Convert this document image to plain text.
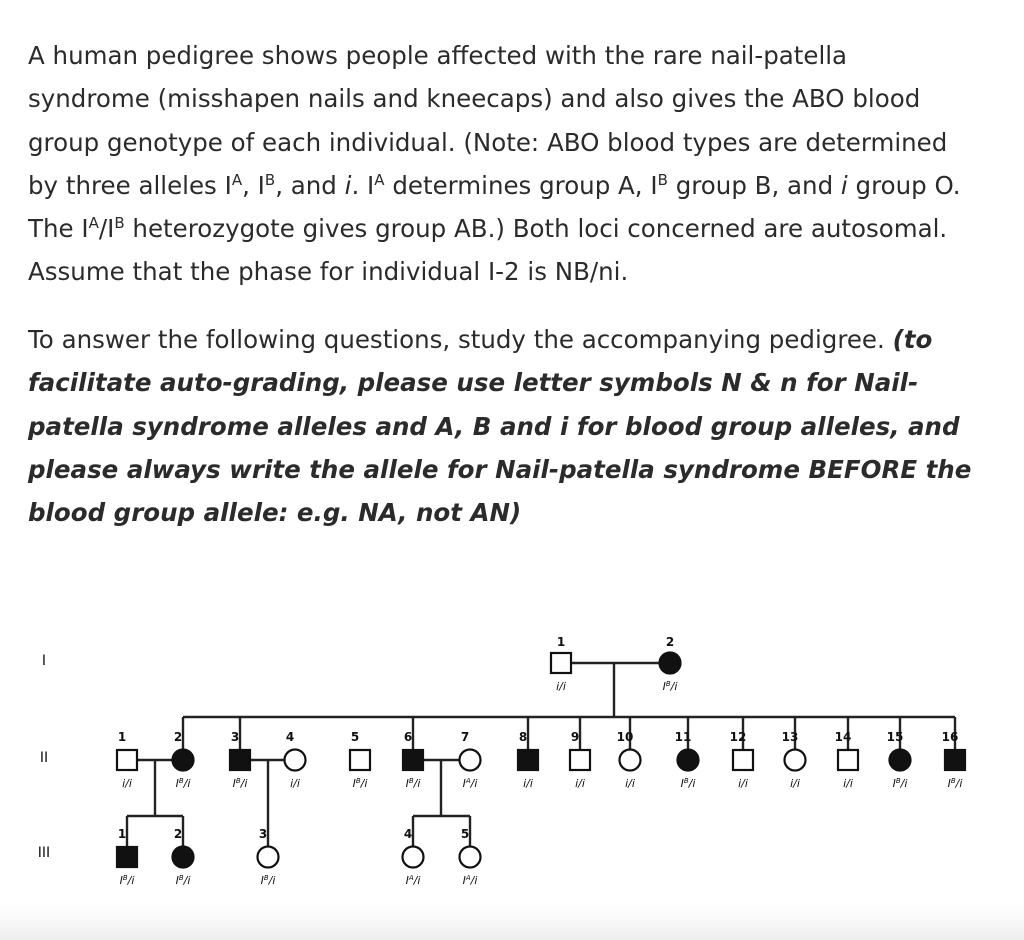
A human pedigree shows people affected with the rare nail-patella
syndrome (misshapen nails and kneecaps) and also gives the ABO blood
group genotype of each individual. (Note: ABO blood types are determined
by three alleles $I^A$, $I^B$, and i. $I^A$ determines group A, $I^B$ group B, and i group O.
The $I^A/I^B$ heterozygote gives group AB.) Both loci concerned are autosomal.
Assume that the phase for individual I-2 is NB/ni.

To answer the following questions, study the accompanying pedigree. (to facilitate auto-grading, please use letter symbols N & n for Nail-patella syndrome alleles and A, B and i for blood group alleles, and please always write the allele for Nail-patella syndrome BEFORE the blood group allele: e.g. NA, not AN)

I
II
III
1
i/i
2
$I^B/i$
1
i/i
2
$I^B/i$
3
$I^B/i$
4
i/i
5
$I^B/i$
6
$I^B/i$
7
$I^A/i$
8
i/i
9
i/i
10
i/i
11
$I^B/i$
12
i/i
13
i/i
14
i/i
15
$I^B/i$
16
$I^B/i$
1
$I^B/i$
2
$I^B/i$
3
$I^B/i$
4
$I^A/i$
5
$I^A/i$
